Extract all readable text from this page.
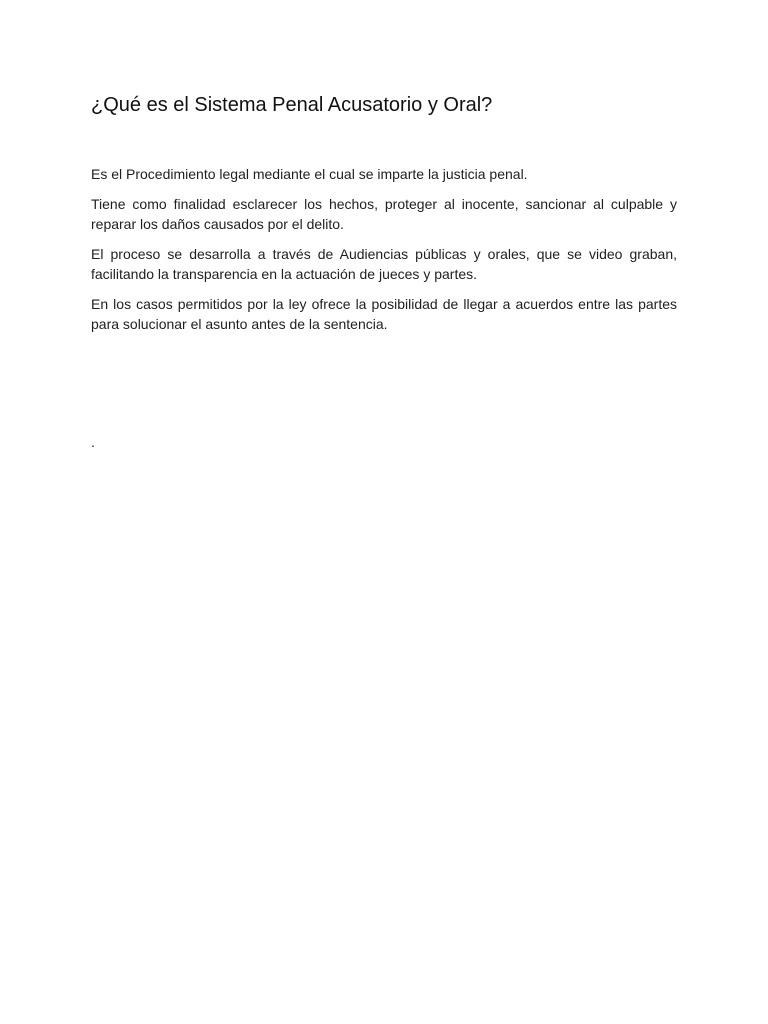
¿Qué es el Sistema Penal Acusatorio y Oral?

Es el Procedimiento legal mediante el cual se imparte la justicia penal.

Tiene como finalidad esclarecer los hechos, proteger al inocente, sancionar al culpable y reparar los daños causados por el delito.

El proceso se desarrolla a través de Audiencias públicas y orales, que se video graban, facilitando la transparencia en la actuación de jueces y partes.

En los casos permitidos por la ley ofrece la posibilidad de llegar a acuerdos entre las partes para solucionar el asunto antes de la sentencia.

.
